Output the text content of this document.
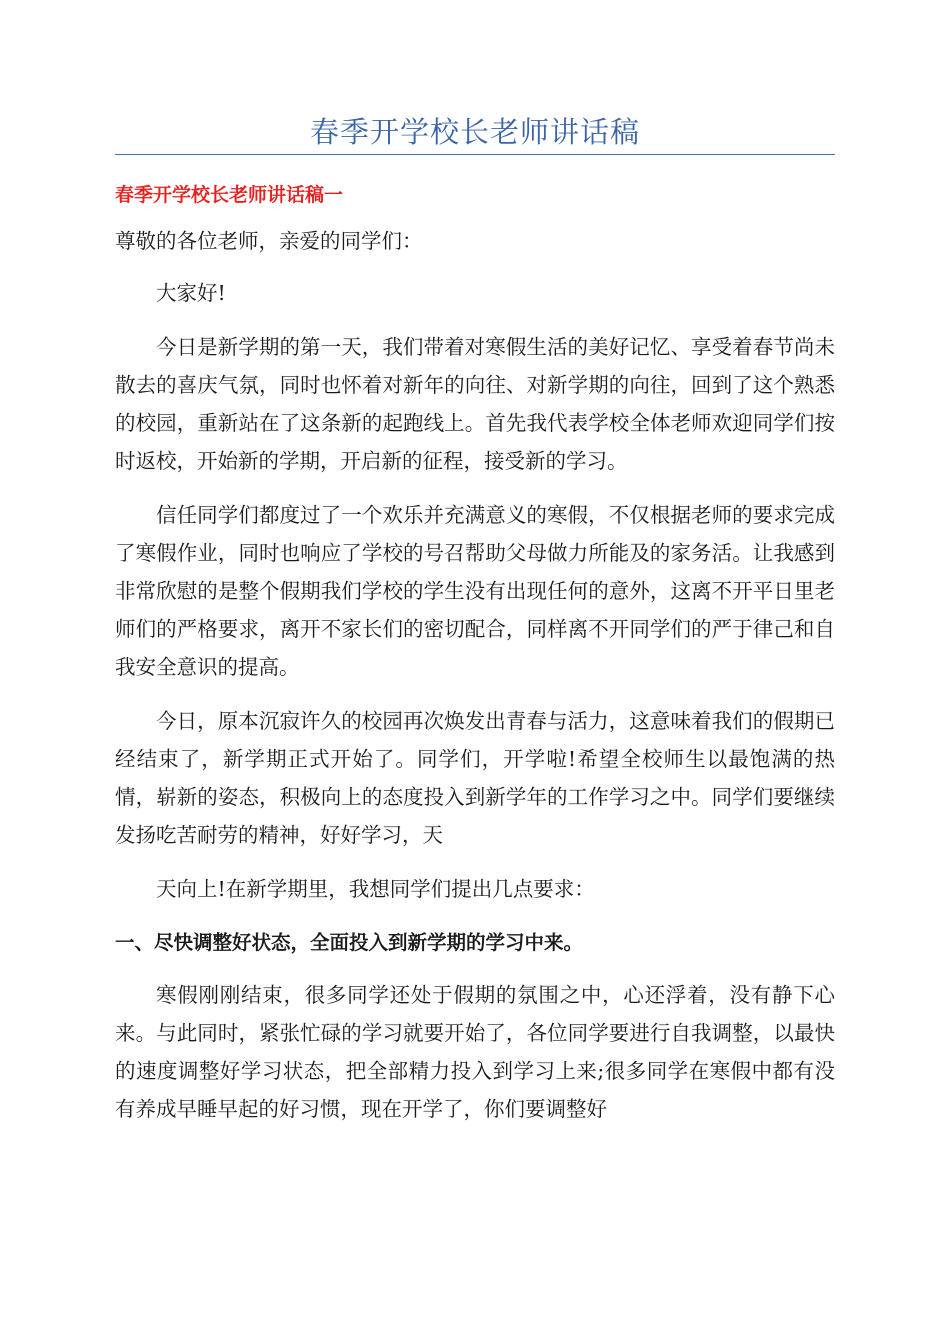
春季开学校长老师讲话稿
春季开学校长老师讲话稿一

尊敬的各位老师，亲爱的同学们：

大家好!

今日是新学期的第一天，我们带着对寒假生活的美好记忆、享受着春节尚未散去的喜庆气氛，同时也怀着对新年的向往、对新学期的向往，回到了这个熟悉的校园，重新站在了这条新的起跑线上。首先我代表学校全体老师欢迎同学们按时返校，开始新的学期，开启新的征程，接受新的学习。

信任同学们都度过了一个欢乐并充满意义的寒假，不仅根据老师的要求完成了寒假作业，同时也响应了学校的号召帮助父母做力所能及的家务活。让我感到非常欣慰的是整个假期我们学校的学生没有出现任何的意外，这离不开平日里老师们的严格要求，离开不家长们的密切配合，同样离不开同学们的严于律己和自我安全意识的提高。

今日，原本沉寂许久的校园再次焕发出青春与活力，这意味着我们的假期已经结束了，新学期正式开始了。同学们，开学啦!希望全校师生以最饱满的热情，崭新的姿态，积极向上的态度投入到新学年的工作学习之中。同学们要继续发扬吃苦耐劳的精神，好好学习，天

天向上!在新学期里，我想同学们提出几点要求：

一、尽快调整好状态，全面投入到新学期的学习中来。

寒假刚刚结束，很多同学还处于假期的氛围之中，心还浮着，没有静下心来。与此同时，紧张忙碌的学习就要开始了，各位同学要进行自我调整，以最快的速度调整好学习状态，把全部精力投入到学习上来;很多同学在寒假中都有没有养成早睡早起的好习惯，现在开学了，你们要调整好
